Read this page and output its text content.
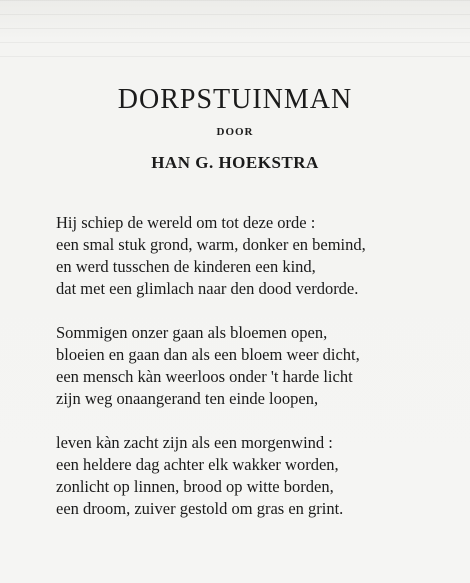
DORPSTUINMAN
DOOR
HAN G. HOEKSTRA

Hij schiep de wereld om tot deze orde :
een smal stuk grond, warm, donker en bemind,
en werd tusschen de kinderen een kind,
dat met een glimlach naar den dood verdorde.

Sommigen onzer gaan als bloemen open,
bloeien en gaan dan als een bloem weer dicht,
een mensch kàn weerloos onder 't harde licht
zijn weg onaangerand ten einde loopen,

leven kàn zacht zijn als een morgenwind :
een heldere dag achter elk wakker worden,
zonlicht op linnen, brood op witte borden,
een droom, zuiver gestold om gras en grint.
